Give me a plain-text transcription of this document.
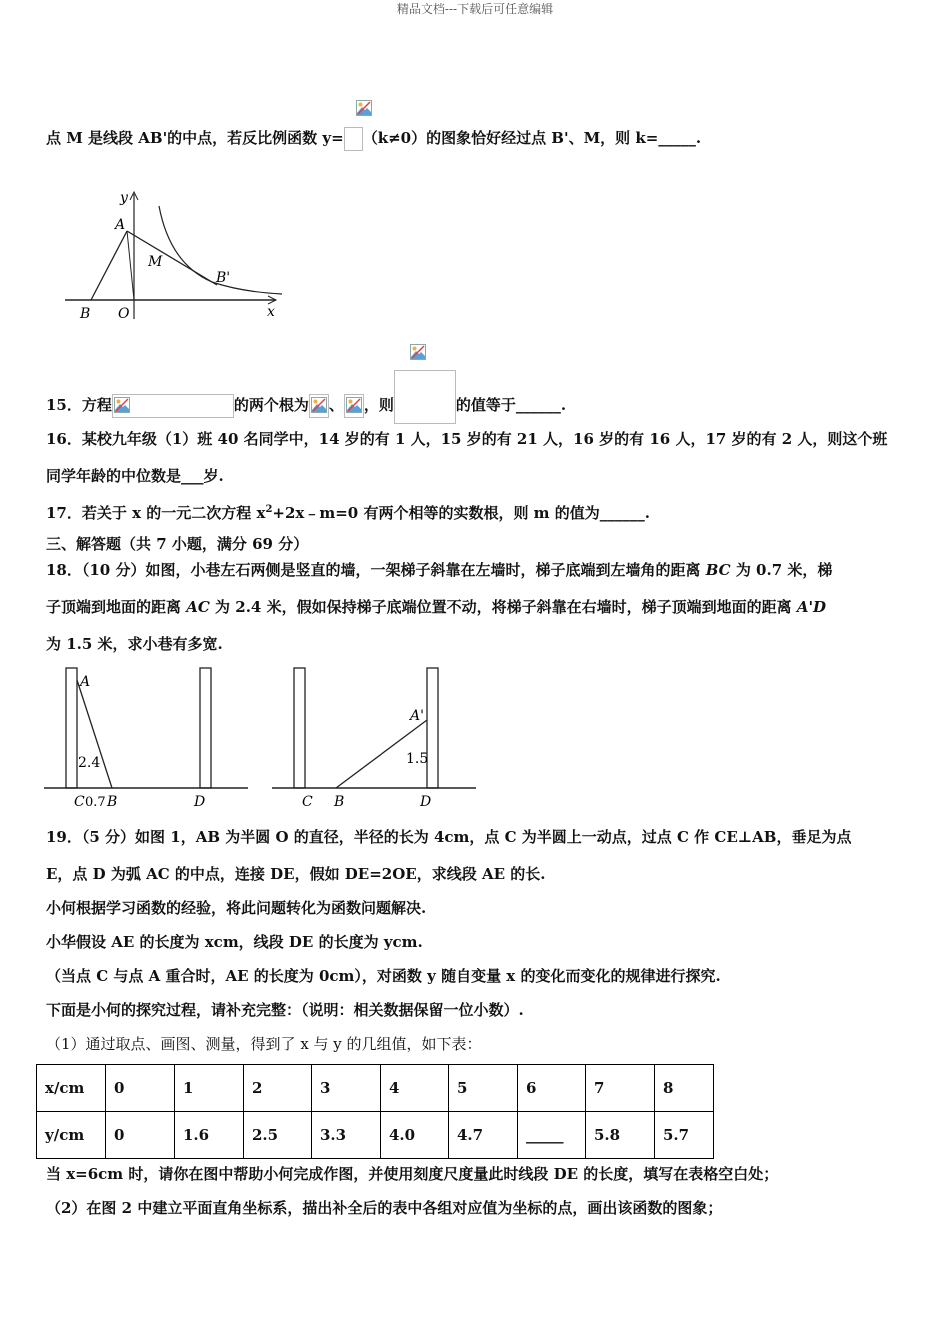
精品文档---下载后可任意编辑
点 M 是线段 AB'的中点，若反比例函数 y= （k≠0）的图象恰好经过点 B'、M，则 k=_____.
y
A
M
B'
B O	x
15．方程	的两个根为 、 ，则	的值等于______.
16．某校九年级（1）班 40 名同学中，14 岁的有 1 人，15 岁的有 21 人，16 岁的有 16 人，17 岁的有 2 人，则这个班
同学年龄的中位数是___岁.
17．若关于 x 的一元二次方程 $x^2+2x﹣m=0$ 有两个相等的实数根，则 m 的值为______.
三、解答题（共 7 小题，满分 69 分）
18．（10 分）如图，小巷左石两侧是竖直的墙，一架梯子斜靠在左墙时，梯子底端到左墙角的距离 BC 为 0.7 米，梯
子顶端到地面的距离 AC 为 2.4 米，假如保持梯子底端位置不动，将梯子斜靠在右墙时，梯子顶端到地面的距离 A'D
为 1.5 米，求小巷有多宽.
A
2.4
C 0.7 B	D
A'
1.5
C B	D
19．（5 分）如图 1，AB 为半圆 O 的直径，半径的长为 4cm，点 C 为半圆上一动点，过点 C 作 CE⊥AB，垂足为点
E，点 D 为弧 AC 的中点，连接 DE，假如 DE=2OE，求线段 AE 的长.
小何根据学习函数的经验，将此问题转化为函数问题解决.
小华假设 AE 的长度为 xcm，线段 DE 的长度为 ycm.
（当点 C 与点 A 重合时，AE 的长度为 0cm），对函数 y 随自变量 x 的变化而变化的规律进行探究.
下面是小何的探究过程，请补充完整：（说明：相关数据保留一位小数）.
（1）通过取点、画图、测量，得到了 x 与 y 的几组值，如下表：
x/cm	0	1	2	3	4	5	6	7	8
y/cm	0	1.6	2.5	3.3	4.0	4.7	_____	5.8	5.7
当 x=6cm 时，请你在图中帮助小何完成作图，并使用刻度尺度量此时线段 DE 的长度，填写在表格空白处；
（2）在图 2 中建立平面直角坐标系，描出补全后的表中各组对应值为坐标的点，画出该函数的图象；
